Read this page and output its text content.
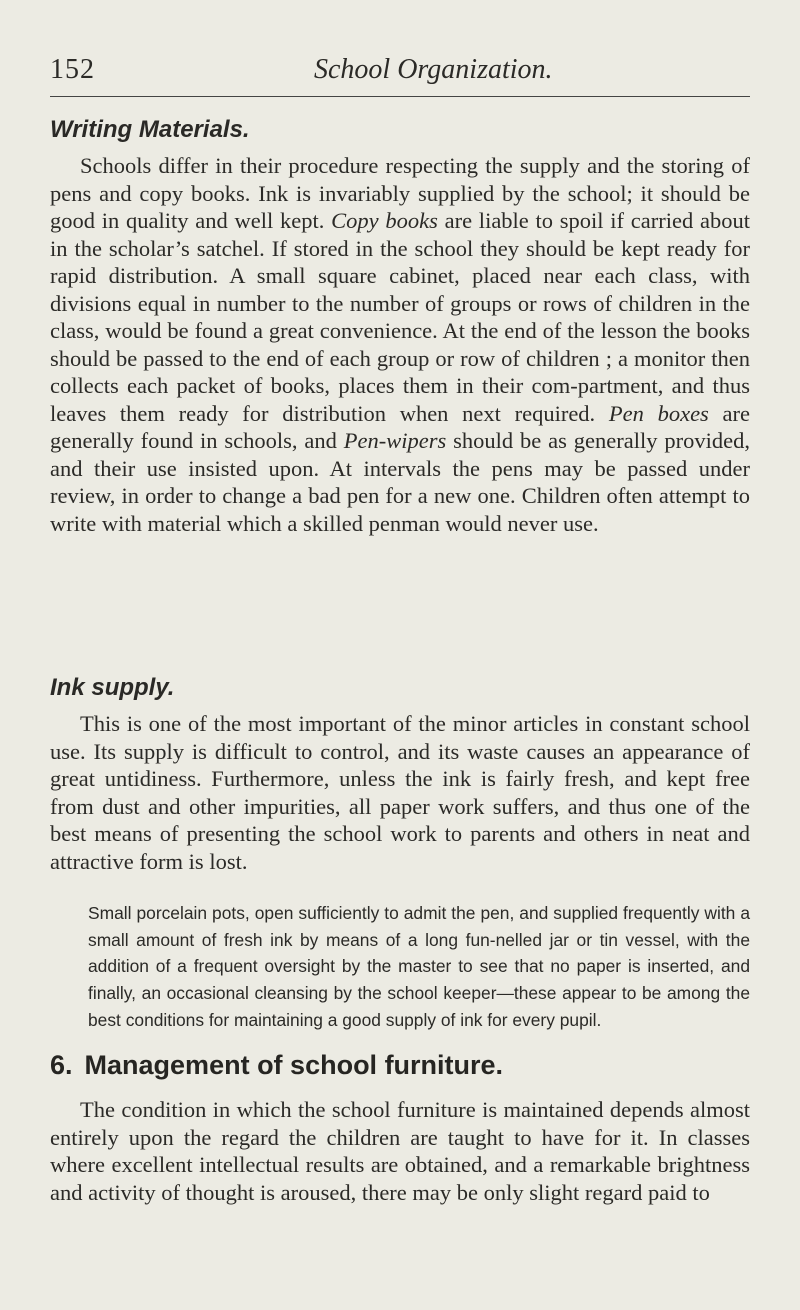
152	School Organization.
Writing Materials.

Schools differ in their procedure respecting the supply and the storing of pens and copy books. Ink is invariably supplied by the school; it should be good in quality and well kept. Copy books are liable to spoil if carried about in the scholar’s satchel. If stored in the school they should be kept ready for rapid distribution. A small square cabinet, placed near each class, with divisions equal in number to the number of groups or rows of children in the class, would be found a great convenience. At the end of the lesson the books should be passed to the end of each group or row of children ; a monitor then collects each packet of books, places them in their com-partment, and thus leaves them ready for distribution when next required. Pen boxes are generally found in schools, and Pen-wipers should be as generally provided, and their use insisted upon. At intervals the pens may be passed under review, in order to change a bad pen for a new one. Children often attempt to write with material which a skilled penman would never use.

Ink supply.

This is one of the most important of the minor articles in constant school use. Its supply is difficult to control, and its waste causes an appearance of great untidiness. Furthermore, unless the ink is fairly fresh, and kept free from dust and other impurities, all paper work suffers, and thus one of the best means of presenting the school work to parents and others in neat and attractive form is lost.

Small porcelain pots, open sufficiently to admit the pen, and supplied frequently with a small amount of fresh ink by means of a long fun-nelled jar or tin vessel, with the addition of a frequent oversight by the master to see that no paper is inserted, and finally, an occasional cleansing by the school keeper—these appear to be among the best conditions for maintaining a good supply of ink for every pupil.

6. Management of school furniture.

The condition in which the school furniture is maintained depends almost entirely upon the regard the children are taught to have for it. In classes where excellent intellectual results are obtained, and a remarkable brightness and activity of thought is aroused, there may be only slight regard paid to
